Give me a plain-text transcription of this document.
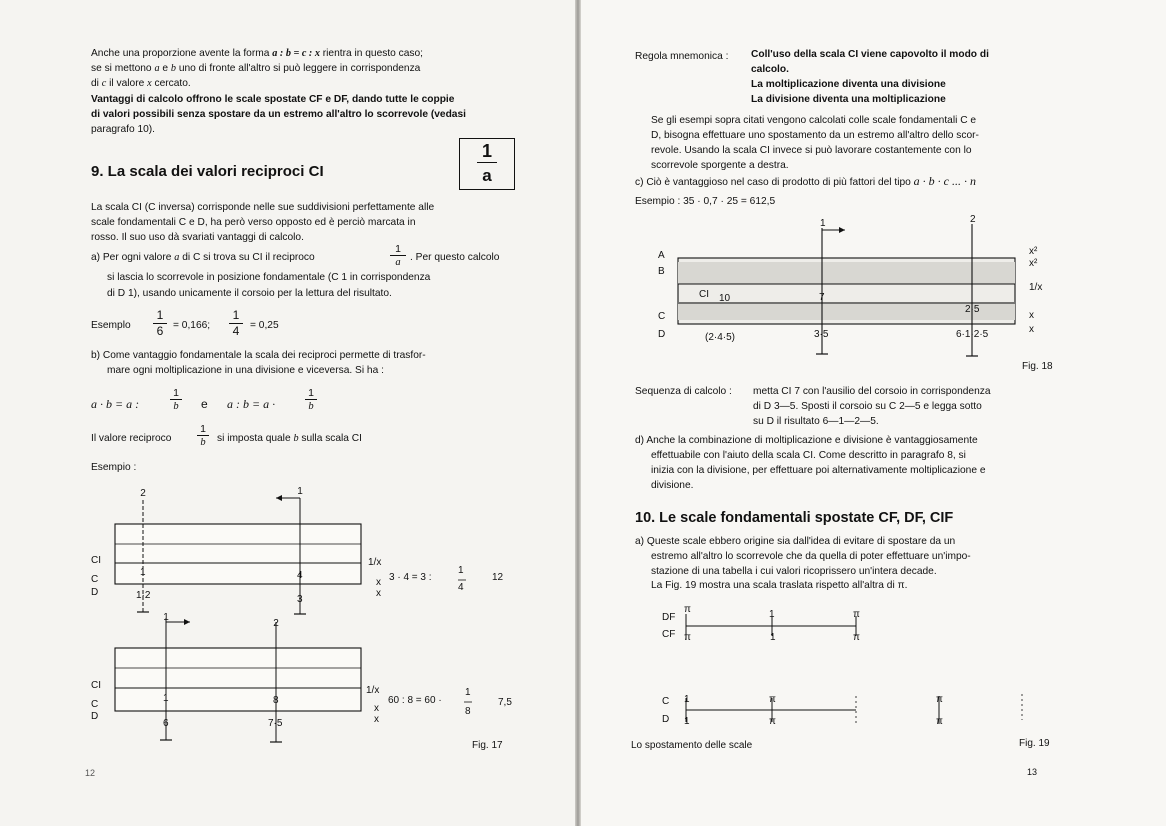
Anche una proporzione avente la forma a : b = c : x rientra in questo caso;
se si mettono a e b uno di fronte all'altro si può leggere in corrispondenza
di c il valore x cercato.
Vantaggi di calcolo offrono le scale spostate CF e DF, dando tutte le coppie
di valori possibili senza spostare da un estremo all'altro lo scorrevole (vedasi
paragrafo 10).
9. La scala dei valori reciproci CI	$\frac{1}{a}$
La scala CI (C inversa) corrisponde nelle sue suddivisioni perfettamente alle
scale fondamentali C e D, ha però verso opposto ed è perciò marcata in
rosso. Il suo uso dà svariati vantaggi di calcolo.
a) Per ogni valore a di C si trova su CI il reciproco
1
a . Per questo calcolo
si lascia lo scorrevole in posizione fondamentale (C 1 in corrispondenza
di D 1), usando unicamente il corsoio per la lettura del risultato.
Esemplo
1
6 = 0,166;
1
4	= 0,25
b) Come vantaggio fondamentale la scala dei reciproci permette di trasfor-
mare ogni moltiplicazione in una divisione e viceversa. Si ha :
a · b = a :
1
b e a : b = a ·
1
b
Il valore reciproco
1
b	si imposta quale b sulla scala CI
Esempio :
2	1
CI
C
D
1	4
1·2	3
1/x
x
x
3 · 4 = 3 :
1
4
12
1
2
CI
C
D
1	8
6	7·5
1/x
x
x
60 : 8 = 60 ·
1
8
7,5
Fig. 17
12
Regola mnemonica : Coll'uso della scala CI viene capovolto il modo di
calcolo.
La moltiplicazione diventa una divisione
La divisione diventa una moltiplicazione
Se gli esempi sopra citati vengono calcolati colle scale fondamentali C e
D, bisogna effettuare uno spostamento da un estremo all'altro dello scor-
revole. Usando la scala CI invece si può lavorare costantemente con lo
scorrevole sporgente a destra.
c) Ciò è vantaggioso nel caso di prodotto di più fattori del tipo a · b · c ... · n
Esempio : 35 · 0,7 · 25 = 612,5
1	2
A
B
C
D
CI 10	7
2·5
(2·4·5)	3·5	6·1·2·5
x²
x²
1/x
x
x
Fig. 18
DF
CF
C
D
π	1	π
π	1	π
1	π	π
1	π	π
Lo spostamento delle scale	Fig. 19
13
Sequenza di calcolo : metta CI 7 con l'ausilio del corsoio in corrispondenza
di D 3—5. Sposti il corsoio su C 2—5 e legga sotto
su D il risultato 6—1—2—5.
d) Anche la combinazione di moltiplicazione e divisione è vantaggiosamente
effettuabile con l'aiuto della scala CI. Come descritto in paragrafo 8, si
inizia con la divisione, per effettuare poi alternativamente moltiplicazione e
divisione.
10. Le scale fondamentali spostate CF, DF, CIF
a) Queste scale ebbero origine sia dall'idea di evitare di spostare da un
estremo all'altro lo scorrevole che da quella di poter effettuare un'impo-
stazione di una tabella i cui valori ricoprissero un'intera decade.
La Fig. 19 mostra una scala traslata rispetto all'altra di π.
